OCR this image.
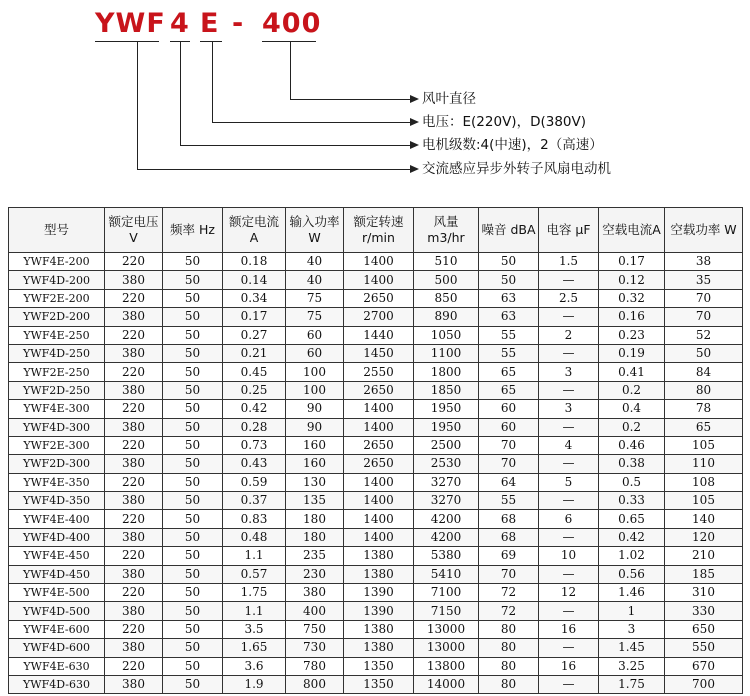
YWF 4 E - 400
风叶直径
电压：E(220V)，D(380V)
电机级数:4(中速)，2（高速）
交流感应异步外转子风扇电动机
型号	额定电压 V	频率 Hz	额定电流 A	输入功率 W	额定转速 r/min	风量 m3/hr	噪音 dBA	电容 μF	空载电流A	空载功率 W
YWF4E-200	220	50	0.18	40	1400	510	50	1.5	0.17	38
YWF4D-200	380	50	0.14	40	1400	500	50	—	0.12	35
YWF2E-200	220	50	0.34	75	2650	850	63	2.5	0.32	70
YWF2D-200	380	50	0.17	75	2700	890	63	—	0.16	70
YWF4E-250	220	50	0.27	60	1440	1050	55	2	0.23	52
YWF4D-250	380	50	0.21	60	1450	1100	55	—	0.19	50
YWF2E-250	220	50	0.45	100	2550	1800	65	3	0.41	84
YWF2D-250	380	50	0.25	100	2650	1850	65	—	0.2	80
YWF4E-300	220	50	0.42	90	1400	1950	60	3	0.4	78
YWF4D-300	380	50	0.28	90	1400	1950	60	—	0.2	65
YWF2E-300	220	50	0.73	160	2650	2500	70	4	0.46	105
YWF2D-300	380	50	0.43	160	2650	2530	70	—	0.38	110
YWF4E-350	220	50	0.59	130	1400	3270	64	5	0.5	108
YWF4D-350	380	50	0.37	135	1400	3270	55	—	0.33	105
YWF4E-400	220	50	0.83	180	1400	4200	68	6	0.65	140
YWF4D-400	380	50	0.48	180	1400	4200	68	—	0.42	120
YWF4E-450	220	50	1.1	235	1380	5380	69	10	1.02	210
YWF4D-450	380	50	0.57	230	1380	5410	70	—	0.56	185
YWF4E-500	220	50	1.75	380	1390	7100	72	12	1.46	310
YWF4D-500	380	50	1.1	400	1390	7150	72	—	1	330
YWF4E-600	220	50	3.5	750	1380	13000	80	16	3	650
YWF4D-600	380	50	1.65	730	1380	13000	80	—	1.45	550
YWF4E-630	220	50	3.6	780	1350	13800	80	16	3.25	670
YWF4D-630	380	50	1.9	800	1350	14000	80	—	1.75	700
